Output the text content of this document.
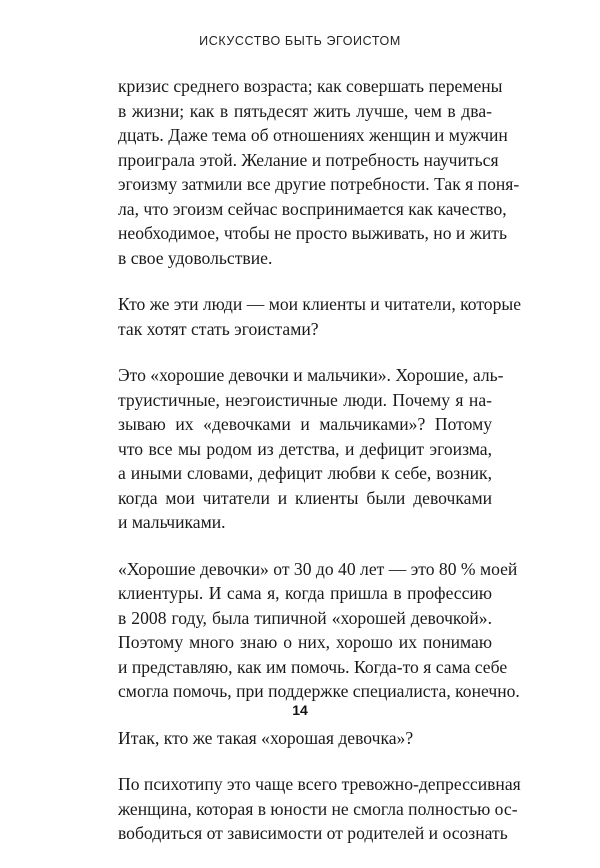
ИСКУССТВО БЫТЬ ЭГОИСТОМ

кризис среднего возраста; как совершать перемены
в жизни; как в пятьдесят жить лучше, чем в два-
дцать. Даже тема об отношениях женщин и мужчин
проиграла этой. Желание и потребность научиться
эгоизму затмили все другие потребности. Так я поня-
ла, что эгоизм сейчас воспринимается как качество,
необходимое, чтобы не просто выживать, но и жить
в свое удовольствие.

Кто же эти люди — мои клиенты и читатели, которые
так хотят стать эгоистами?

Это «хорошие девочки и мальчики». Хорошие, аль-
труистичные, неэгоистичные люди. Почему я на-
зываю их «девочками и мальчиками»? Потому
что все мы родом из детства, и дефицит эгоизма,
а иными словами, дефицит любви к себе, возник,
когда мои читатели и клиенты были девочками
и мальчиками.

«Хорошие девочки» от 30 до 40 лет — это 80 % моей
клиентуры. И сама я, когда пришла в профессию
в 2008 году, была типичной «хорошей девочкой».
Поэтому много знаю о них, хорошо их понимаю
и представляю, как им помочь. Когда-то я сама себе
смогла помочь, при поддержке специалиста, конечно.

Итак, кто же такая «хорошая девочка»?

По психотипу это чаще всего тревожно-депрессивная
женщина, которая в юности не смогла полностью ос-
вободиться от зависимости от родителей и осознать

14
